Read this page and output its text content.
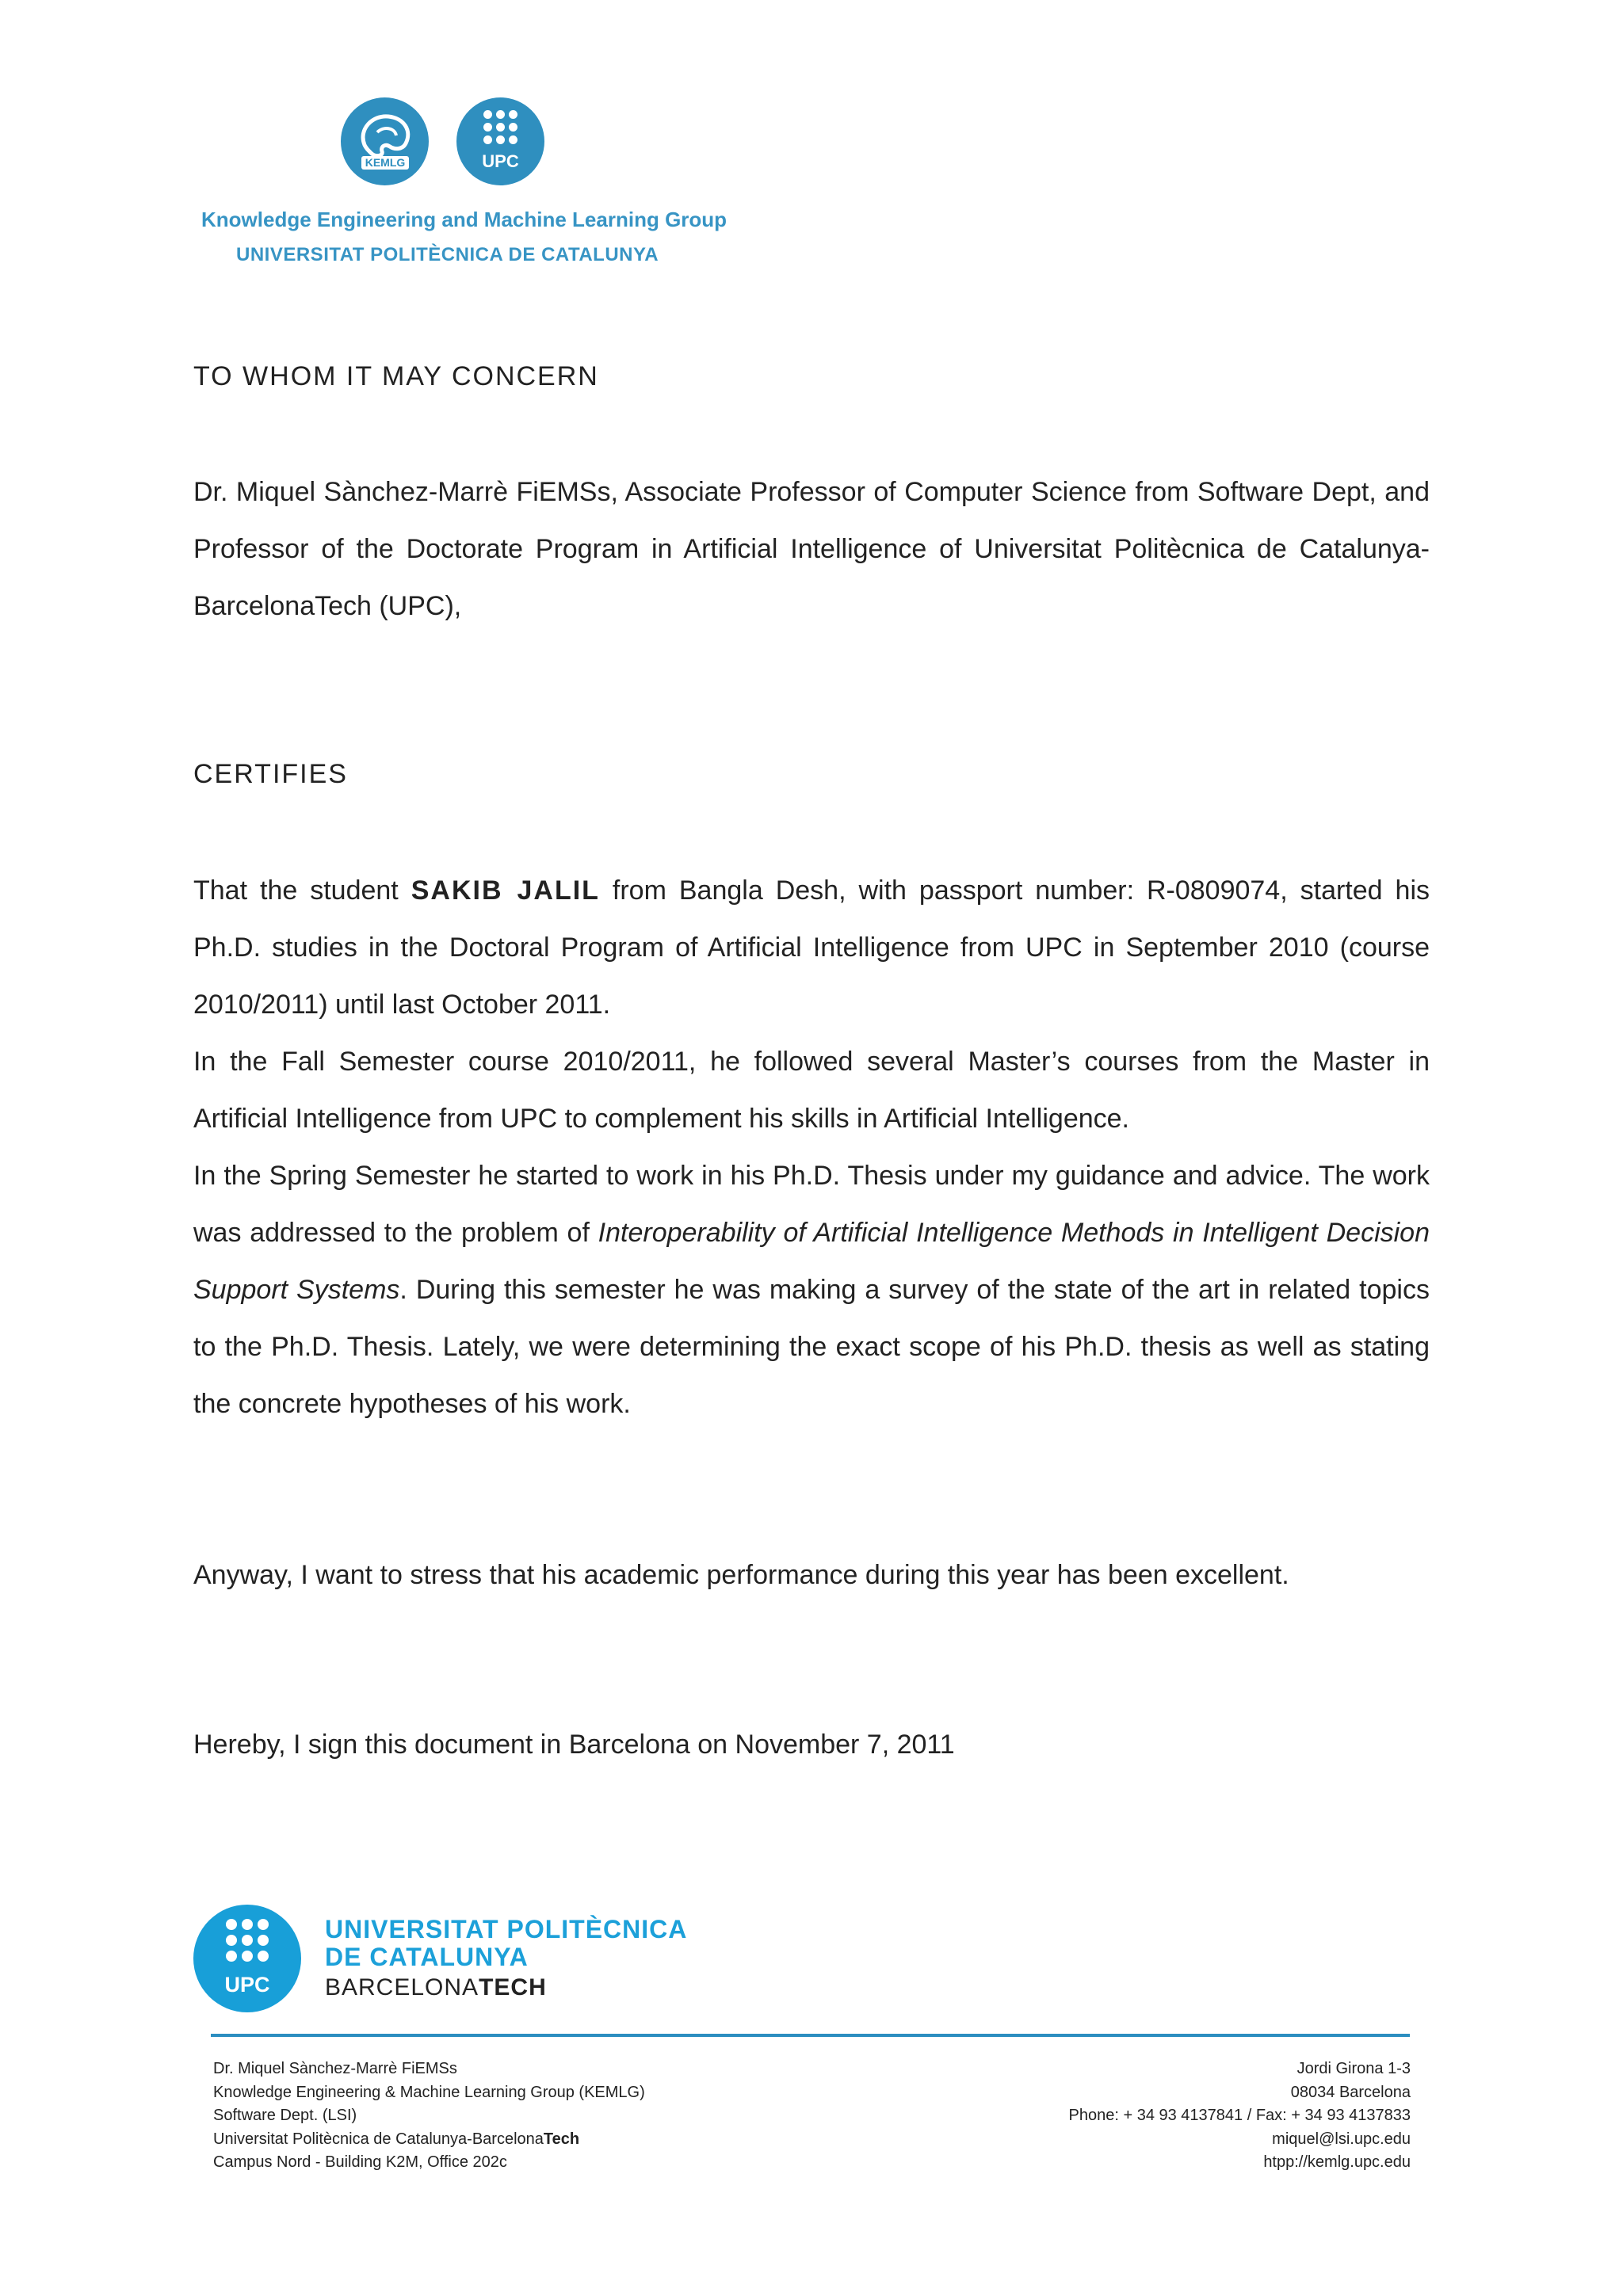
KEMLG	UPC
Knowledge Engineering and Machine Learning Group
UNIVERSITAT POLITÈCNICA DE CATALUNYA
TO WHOM IT MAY CONCERN
Dr. Miquel Sànchez-Marrè FiEMSs, Associate Professor of Computer Science from Software Dept, and Professor of the Doctorate Program in Artificial Intelligence of Universitat Politècnica de Catalunya-BarcelonaTech (UPC),
CERTIFIES
That the student SAKIB JALIL from Bangla Desh, with passport number: R-0809074, started his Ph.D. studies in the Doctoral Program of Artificial Intelligence from UPC in September 2010 (course 2010/2011) until last October 2011.
In the Fall Semester course 2010/2011, he followed several Master’s courses from the Master in Artificial Intelligence from UPC to complement his skills in Artificial Intelligence.
In the Spring Semester he started to work in his Ph.D. Thesis under my guidance and advice. The work was addressed to the problem of Interoperability of Artificial Intelligence Methods in Intelligent Decision Support Systems. During this semester he was making a survey of the state of the art in related topics to the Ph.D. Thesis. Lately, we were determining the exact scope of his Ph.D. thesis as well as stating the concrete hypotheses of his work.
Anyway, I want to stress that his academic performance during this year has been excellent.
Hereby, I sign this document in Barcelona on November 7, 2011
UPC
UNIVERSITAT POLITÈCNICA
DE CATALUNYA
BARCELONATECH
Dr. Miquel Sànchez-Marrè FiEMSs
Knowledge Engineering & Machine Learning Group (KEMLG)
Software Dept. (LSI)
Universitat Politècnica de Catalunya-BarcelonaTech
Campus Nord - Building K2M, Office 202c
Jordi Girona 1-3
08034 Barcelona
Phone: + 34 93 4137841 / Fax: + 34 93 4137833
miquel@lsi.upc.edu
htpp://kemlg.upc.edu
